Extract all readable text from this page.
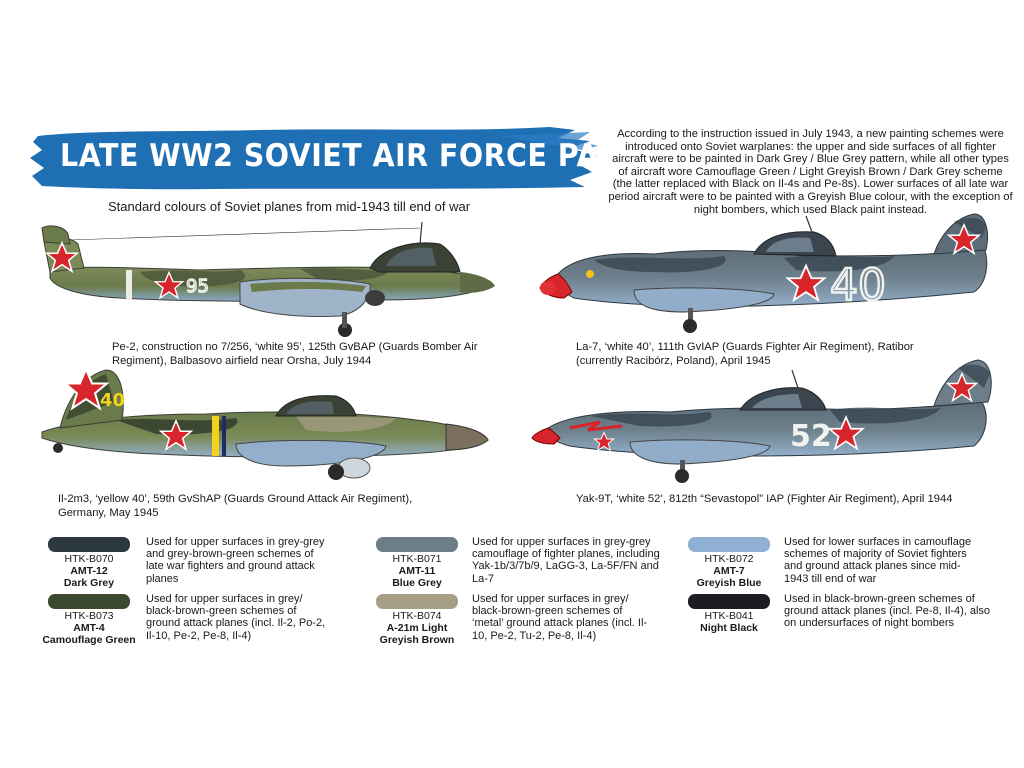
LATE WW2 SOVIET AIR FORCE PAINT SET
Standard colours of Soviet planes from mid-1943 till end of war
According to the instruction issued in July 1943, a new painting schemes were introduced onto Soviet warplanes: the upper and side surfaces of all fighter aircraft were to be painted in Dark Grey / Blue Grey pattern, while all other types of aircraft wore Camouflage Green / Light Greyish Brown / Dark Grey scheme (the latter replaced with Black on Il-4s and Pe-8s). Lower surfaces of all late war period aircraft were to be painted with a Greyish Blue colour, with the exception of night bombers, which used Black paint instead.
95
Pe-2, construction no 7/256, ‘white 95’, 125th GvBAP (Guards Bomber Air Regiment), Balbasovo airfield near Orsha, July 1944
40
La-7, ‘white 40’, 111th GvIAP (Guards Fighter Air Regiment), Ratibor (currently Racibórz, Poland), April 1945
40
Il-2m3, ‘yellow 40’, 59th GvShAP (Guards Ground Attack Air Regiment), Germany, May 1945
52
Yak-9T, ‘white 52’, 812th “Sevastopol” IAP (Fighter Air Regiment), April 1944
HTK-B070
AMT-12
Dark Grey
Used for upper surfaces in grey-grey and grey-brown-green schemes of late war fighters and ground attack planes
HTK-B071
AMT-11
Blue Grey
Used for upper surfaces in grey-grey camouflage of fighter planes, including Yak-1b/3/7b/9, LaGG-3, La-5F/FN and La-7
HTK-B072
AMT-7
Greyish Blue
Used for lower surfaces in camouflage schemes of majority of Soviet fighters and ground attack planes since mid-1943 till end of war
HTK-B073
AMT-4
Camouflage Green
Used for upper surfaces in grey/ black-brown-green schemes of ground attack planes (incl. Il-2, Po-2, Il-10, Pe-2, Pe-8, Il-4)
HTK-B074
A-21m Light
Greyish Brown
Used for upper surfaces in grey/ black-brown-green schemes of ‘metal’ ground attack planes (incl. Il-10, Pe-2, Tu-2, Pe-8, Il-4)
HTK-B041
Night Black
Used in black-brown-green schemes of ground attack planes (incl. Pe-8, Il-4), also on undersurfaces of night bombers
